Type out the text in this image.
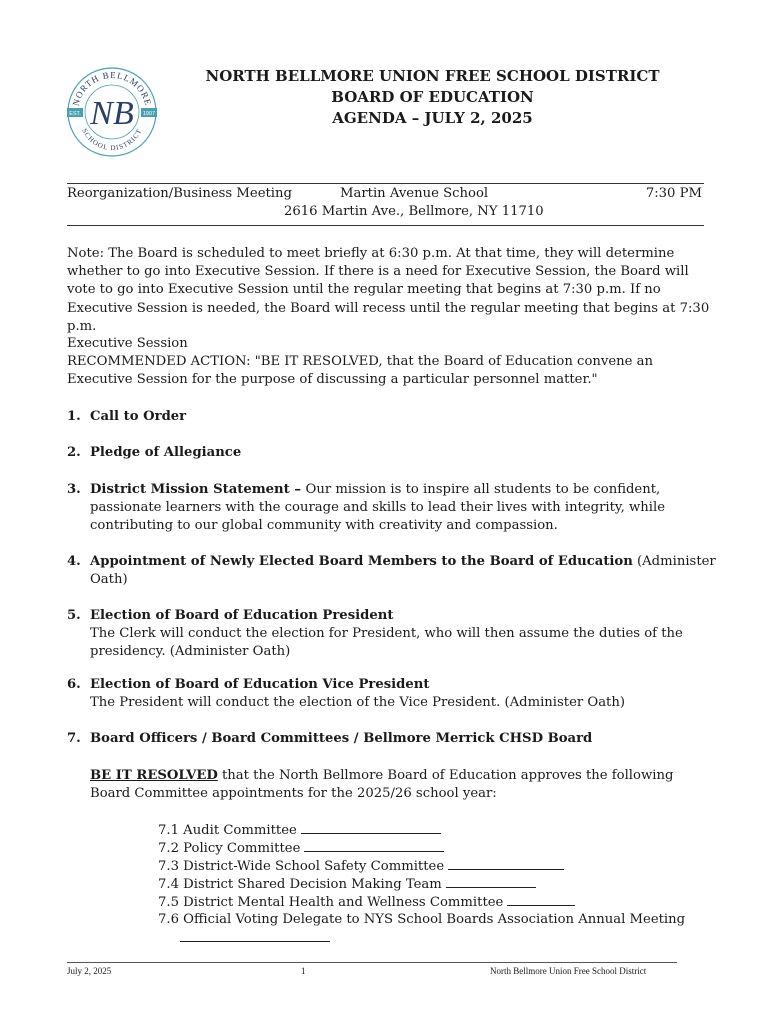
NORTH BELLMORE
SCHOOL DISTRICT
EST.	1907
NB
NORTH BELLMORE UNION FREE SCHOOL DISTRICT
BOARD OF EDUCATION
AGENDA – JULY 2, 2025
Reorganization/Business Meeting	Martin Avenue School	7:30 PM
2616 Martin Ave., Bellmore, NY 11710
Note: The Board is scheduled to meet briefly at 6:30 p.m. At that time, they will determine whether to go into Executive Session. If there is a need for Executive Session, the Board will vote to go into Executive Session until the regular meeting that begins at 7:30 p.m. If no Executive Session is needed, the Board will recess until the regular meeting that begins at 7:30 p.m.
Executive Session
RECOMMENDED ACTION: "BE IT RESOLVED, that the Board of Education convene an Executive Session for the purpose of discussing a particular personnel matter."
1. Call to Order
2. Pledge of Allegiance
3. District Mission Statement – Our mission is to inspire all students to be confident, passionate learners with the courage and skills to lead their lives with integrity, while contributing to our global community with creativity and compassion.
4. Appointment of Newly Elected Board Members to the Board of Education (Administer Oath)
5. Election of Board of Education President
The Clerk will conduct the election for President, who will then assume the duties of the presidency. (Administer Oath)
6. Election of Board of Education Vice President
The President will conduct the election of the Vice President. (Administer Oath)
7. Board Officers / Board Committees / Bellmore Merrick CHSD Board
BE IT RESOLVED that the North Bellmore Board of Education approves the following Board Committee appointments for the 2025/26 school year:
7.1 Audit Committee
7.2 Policy Committee
7.3 District-Wide School Safety Committee
7.4 District Shared Decision Making Team
7.5 District Mental Health and Wellness Committee
7.6 Official Voting Delegate to NYS School Boards Association Annual Meeting
July 2, 2025	1	North Bellmore Union Free School District
